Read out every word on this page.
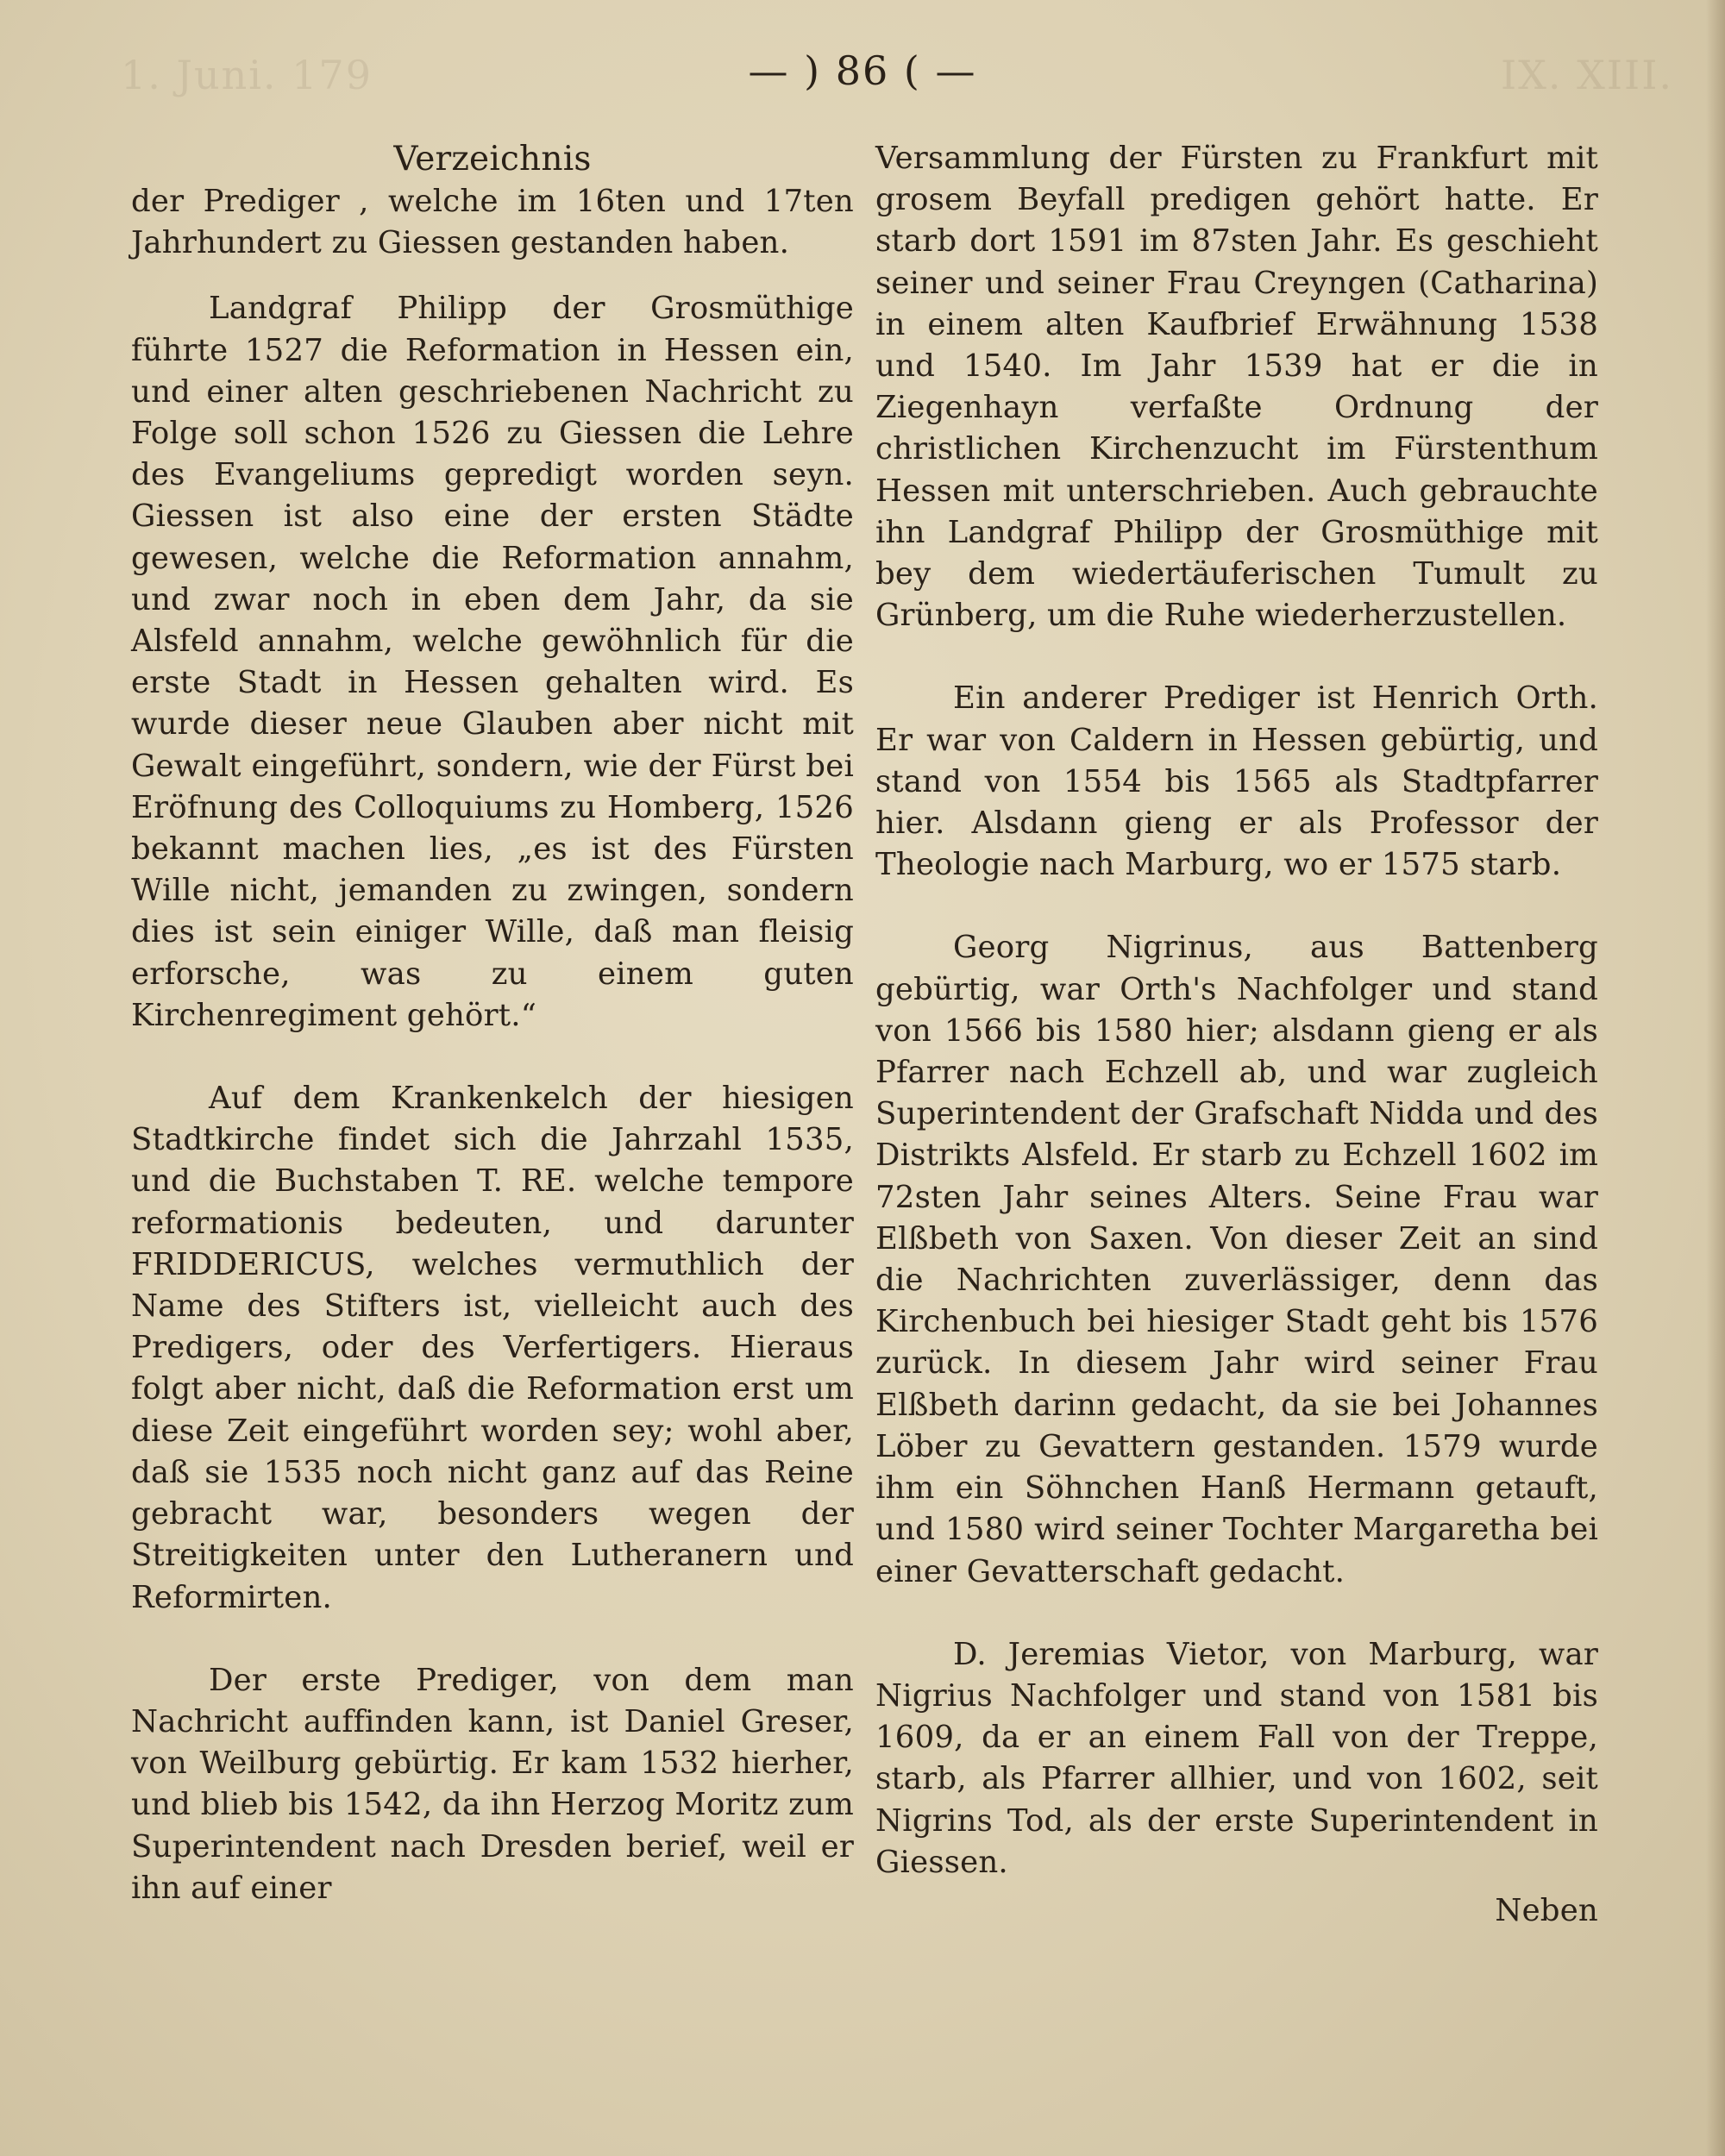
1. Juni. 179	IX. XIII.
— ) 86 ( —
Verzeichnis

der Prediger , welche im 16ten und 17ten Jahrhundert zu Giessen gestanden haben.

Landgraf Philipp der Grosmüthige führte 1527 die Reformation in Hessen ein, und einer alten geschriebenen Nachricht zu Folge soll schon 1526 zu Giessen die Lehre des Evangeliums gepredigt worden seyn. Giessen ist also eine der ersten Städte gewesen, welche die Reformation annahm, und zwar noch in eben dem Jahr, da sie Alsfeld annahm, welche gewöhnlich für die erste Stadt in Hessen gehalten wird. Es wurde dieser neue Glauben aber nicht mit Gewalt eingeführt, sondern, wie der Fürst bei Eröfnung des Colloquiums zu Homberg, 1526 bekannt machen lies, „es ist des Fürsten Wille nicht, jemanden zu zwingen, sondern dies ist sein einiger Wille, daß man fleisig erforsche, was zu einem guten Kirchenregiment gehört.“

Auf dem Krankenkelch der hiesigen Stadtkirche findet sich die Jahrzahl 1535, und die Buchstaben T. RE. welche tempore reformationis bedeuten, und darunter FRIDDERICUS, welches vermuthlich der Name des Stifters ist, vielleicht auch des Predigers, oder des Verfertigers. Hieraus folgt aber nicht, daß die Reformation erst um diese Zeit eingeführt worden sey; wohl aber, daß sie 1535 noch nicht ganz auf das Reine gebracht war, besonders wegen der Streitigkeiten unter den Lutheranern und Reformirten.

Der erste Prediger, von dem man Nachricht auffinden kann, ist Daniel Greser, von Weilburg gebürtig. Er kam 1532 hierher, und blieb bis 1542, da ihn Herzog Moritz zum Superintendent nach Dresden berief, weil er ihn auf einer

Versammlung der Fürsten zu Frankfurt mit grosem Beyfall predigen gehört hatte. Er starb dort 1591 im 87sten Jahr. Es geschieht seiner und seiner Frau Creyngen (Catharina) in einem alten Kaufbrief Erwähnung 1538 und 1540. Im Jahr 1539 hat er die in Ziegenhayn verfaßte Ordnung der christlichen Kirchenzucht im Fürstenthum Hessen mit unterschrieben. Auch gebrauchte ihn Landgraf Philipp der Grosmüthige mit bey dem wiedertäuferischen Tumult zu Grünberg, um die Ruhe wiederherzustellen.

Ein anderer Prediger ist Henrich Orth. Er war von Caldern in Hessen gebürtig, und stand von 1554 bis 1565 als Stadtpfarrer hier. Alsdann gieng er als Professor der Theologie nach Marburg, wo er 1575 starb.

Georg Nigrinus, aus Battenberg gebürtig, war Orth's Nachfolger und stand von 1566 bis 1580 hier; alsdann gieng er als Pfarrer nach Echzell ab, und war zugleich Superintendent der Grafschaft Nidda und des Distrikts Alsfeld. Er starb zu Echzell 1602 im 72sten Jahr seines Alters. Seine Frau war Elßbeth von Saxen. Von dieser Zeit an sind die Nachrichten zuverlässiger, denn das Kirchenbuch bei hiesiger Stadt geht bis 1576 zurück. In diesem Jahr wird seiner Frau Elßbeth darinn gedacht, da sie bei Johannes Löber zu Gevattern gestanden. 1579 wurde ihm ein Söhnchen Hanß Hermann getauft, und 1580 wird seiner Tochter Margaretha bei einer Gevatterschaft gedacht.

D. Jeremias Vietor, von Marburg, war Nigrius Nachfolger und stand von 1581 bis 1609, da er an einem Fall von der Treppe, starb, als Pfarrer allhier, und von 1602, seit Nigrins Tod, als der erste Superintendent in Giessen.

Neben
